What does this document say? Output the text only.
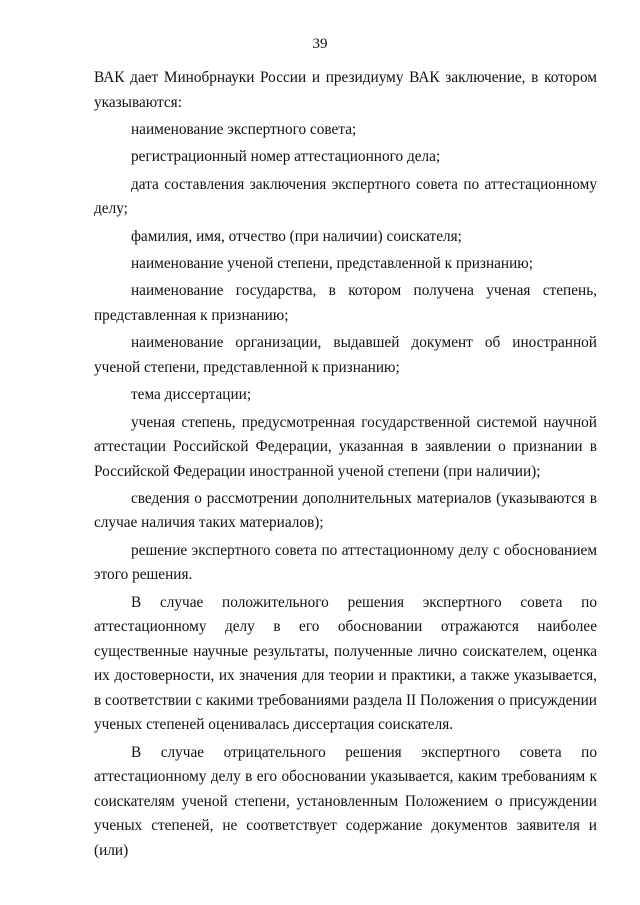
39

ВАК дает Минобрнауки России и президиуму ВАК заключение, в котором указываются:

наименование экспертного совета;

регистрационный номер аттестационного дела;

дата составления заключения экспертного совета по аттестационному делу;

фамилия, имя, отчество (при наличии) соискателя;

наименование ученой степени, представленной к признанию;

наименование государства, в котором получена ученая степень, представленная к признанию;

наименование организации, выдавшей документ об иностранной ученой степени, представленной к признанию;

тема диссертации;

ученая степень, предусмотренная государственной системой научной аттестации Российской Федерации, указанная в заявлении о признании в Российской Федерации иностранной ученой степени (при наличии);

сведения о рассмотрении дополнительных материалов (указываются в случае наличия таких материалов);

решение экспертного совета по аттестационному делу с обоснованием этого решения.

В случае положительного решения экспертного совета по аттестационному делу в его обосновании отражаются наиболее существенные научные результаты, полученные лично соискателем, оценка их достоверности, их значения для теории и практики, а также указывается, в соответствии с какими требованиями раздела II Положения о присуждении ученых степеней оценивалась диссертация соискателя.

В случае отрицательного решения экспертного совета по аттестационному делу в его обосновании указывается, каким требованиям к соискателям ученой степени, установленным Положением о присуждении ученых степеней, не соответствует содержание документов заявителя и (или)
